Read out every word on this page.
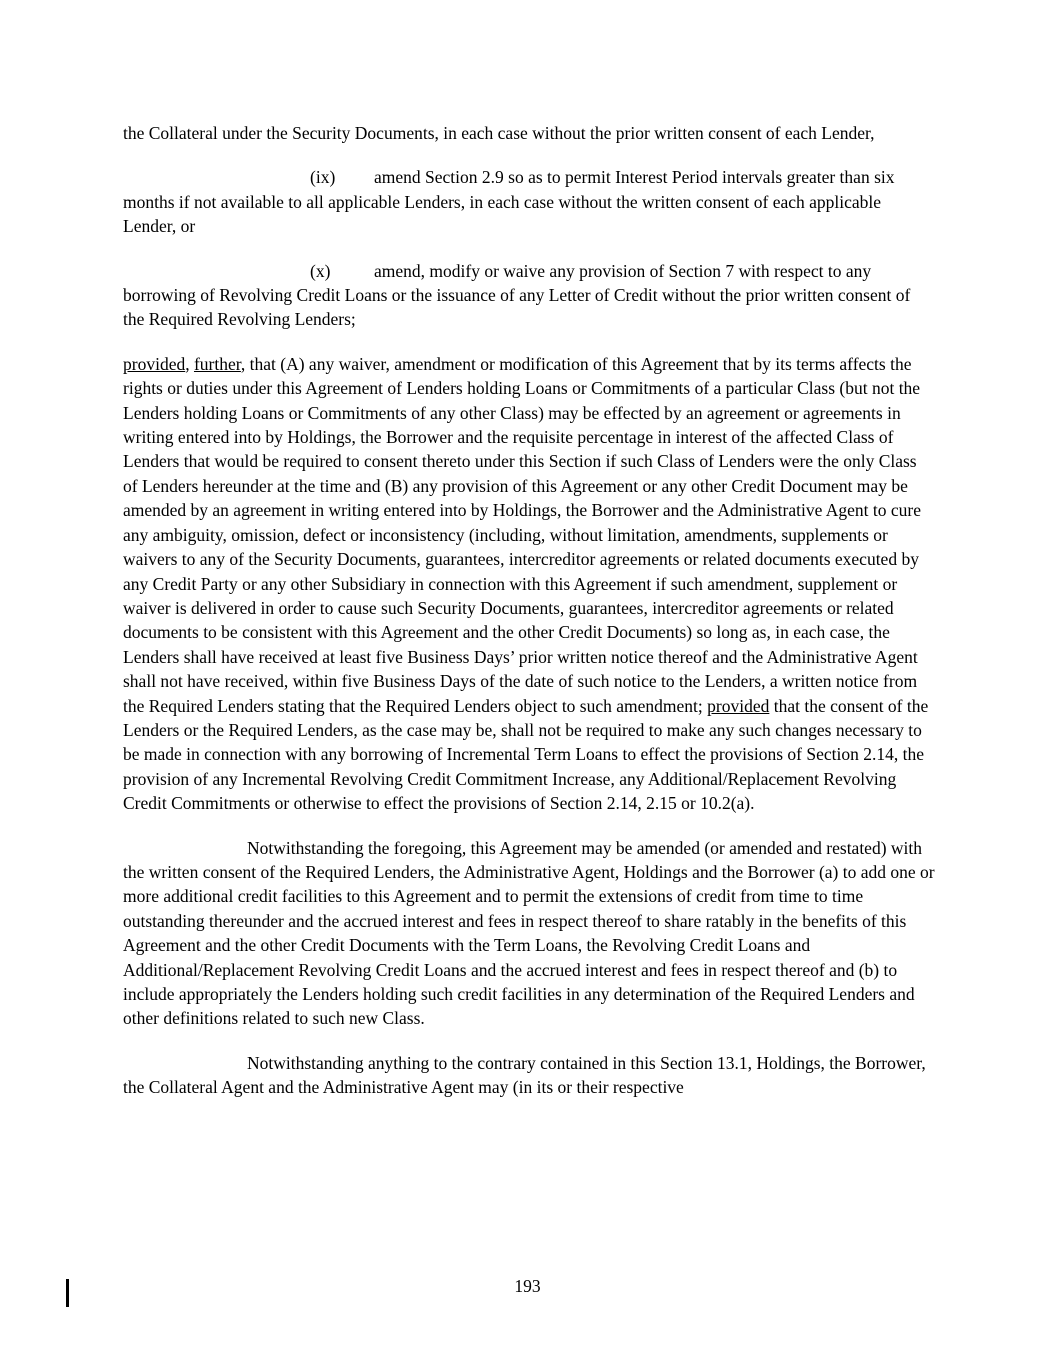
the Collateral under the Security Documents, in each case without the prior written consent of each Lender,

(ix) amend Section 2.9 so as to permit Interest Period intervals greater than six months if not available to all applicable Lenders, in each case without the written consent of each applicable Lender, or

(x) amend, modify or waive any provision of Section 7 with respect to any borrowing of Revolving Credit Loans or the issuance of any Letter of Credit without the prior written consent of the Required Revolving Lenders;

provided, further, that (A) any waiver, amendment or modification of this Agreement that by its terms affects the rights or duties under this Agreement of Lenders holding Loans or Commitments of a particular Class (but not the Lenders holding Loans or Commitments of any other Class) may be effected by an agreement or agreements in writing entered into by Holdings, the Borrower and the requisite percentage in interest of the affected Class of Lenders that would be required to consent thereto under this Section if such Class of Lenders were the only Class of Lenders hereunder at the time and (B) any provision of this Agreement or any other Credit Document may be amended by an agreement in writing entered into by Holdings, the Borrower and the Administrative Agent to cure any ambiguity, omission, defect or inconsistency (including, without limitation, amendments, supplements or waivers to any of the Security Documents, guarantees, intercreditor agreements or related documents executed by any Credit Party or any other Subsidiary in connection with this Agreement if such amendment, supplement or waiver is delivered in order to cause such Security Documents, guarantees, intercreditor agreements or related documents to be consistent with this Agreement and the other Credit Documents) so long as, in each case, the Lenders shall have received at least five Business Days’ prior written notice thereof and the Administrative Agent shall not have received, within five Business Days of the date of such notice to the Lenders, a written notice from the Required Lenders stating that the Required Lenders object to such amendment; provided that the consent of the Lenders or the Required Lenders, as the case may be, shall not be required to make any such changes necessary to be made in connection with any borrowing of Incremental Term Loans to effect the provisions of Section 2.14, the provision of any Incremental Revolving Credit Commitment Increase, any Additional/Replacement Revolving Credit Commitments or otherwise to effect the provisions of Section 2.14, 2.15 or 10.2(a).

Notwithstanding the foregoing, this Agreement may be amended (or amended and restated) with the written consent of the Required Lenders, the Administrative Agent, Holdings and the Borrower (a) to add one or more additional credit facilities to this Agreement and to permit the extensions of credit from time to time outstanding thereunder and the accrued interest and fees in respect thereof to share ratably in the benefits of this Agreement and the other Credit Documents with the Term Loans, the Revolving Credit Loans and Additional/Replacement Revolving Credit Loans and the accrued interest and fees in respect thereof and (b) to include appropriately the Lenders holding such credit facilities in any determination of the Required Lenders and other definitions related to such new Class.

Notwithstanding anything to the contrary contained in this Section 13.1, Holdings, the Borrower, the Collateral Agent and the Administrative Agent may (in its or their respective

193
